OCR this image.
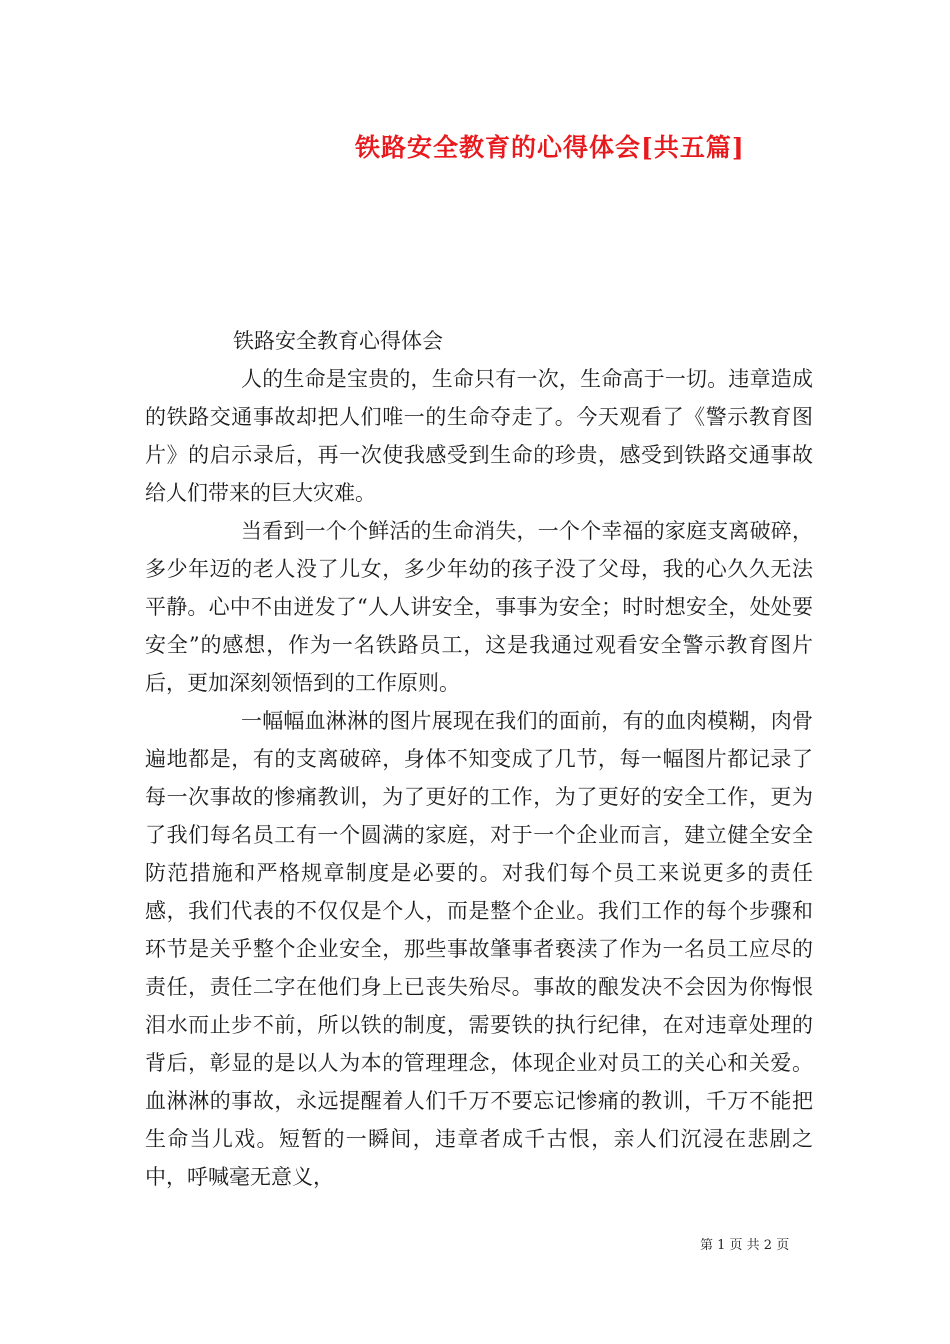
铁路安全教育的心得体会[共五篇]
铁路安全教育心得体会

人的生命是宝贵的，生命只有一次，生命高于一切。违章造成的铁路交通事故却把人们唯一的生命夺走了。今天观看了《警示教育图片》的启示录后，再一次使我感受到生命的珍贵，感受到铁路交通事故给人们带来的巨大灾难。

当看到一个个鲜活的生命消失，一个个幸福的家庭支离破碎，多少年迈的老人没了儿女，多少年幼的孩子没了父母，我的心久久无法平静。心中不由迸发了“人人讲安全，事事为安全；时时想安全，处处要安全”的感想，作为一名铁路员工，这是我通过观看安全警示教育图片后，更加深刻领悟到的工作原则。

一幅幅血淋淋的图片展现在我们的面前，有的血肉模糊，肉骨遍地都是，有的支离破碎，身体不知变成了几节，每一幅图片都记录了每一次事故的惨痛教训，为了更好的工作，为了更好的安全工作，更为了我们每名员工有一个圆满的家庭，对于一个企业而言，建立健全安全防范措施和严格规章制度是必要的。对我们每个员工来说更多的责任感，我们代表的不仅仅是个人，而是整个企业。我们工作的每个步骤和环节是关乎整个企业安全，那些事故肇事者亵渎了作为一名员工应尽的责任，责任二字在他们身上已丧失殆尽。事故的酿发决不会因为你悔恨泪水而止步不前，所以铁的制度，需要铁的执行纪律，在对违章处理的背后，彰显的是以人为本的管理理念，体现企业对员工的关心和关爱。血淋淋的事故，永远提醒着人们千万不要忘记惨痛的教训，千万不能把生命当儿戏。短暂的一瞬间，违章者成千古恨，亲人们沉浸在悲剧之中，呼喊毫无意义，

第 1 页 共 2 页
